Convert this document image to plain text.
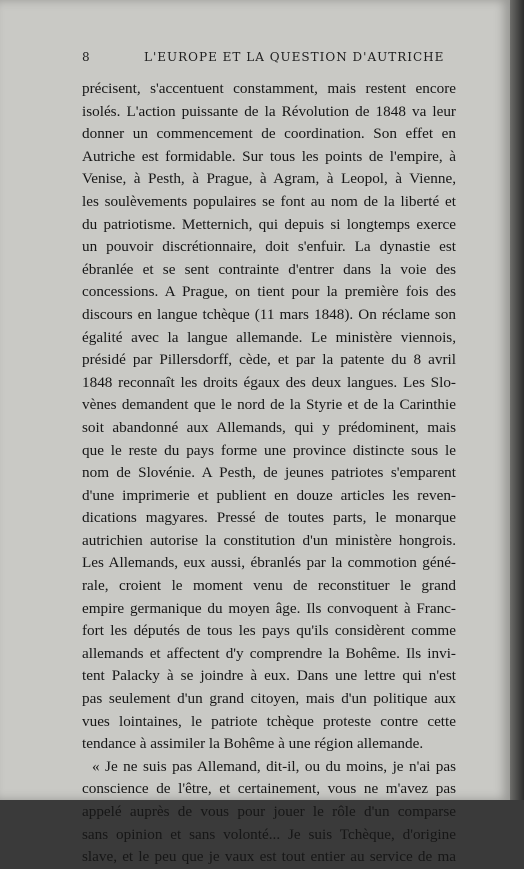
8	L'EUROPE ET LA QUESTION D'AUTRICHE
précisent, s'accentuent constamment, mais restent encore
isolés. L'action puissante de la Révolution de 1848 va leur
donner un commencement de coordination. Son effet en
Autriche est formidable. Sur tous les points de l'empire, à
Venise, à Pesth, à Prague, à Agram, à Leopol, à Vienne,
les soulèvements populaires se font au nom de la liberté et
du patriotisme. Metternich, qui depuis si longtemps exerce
un pouvoir discrétionnaire, doit s'enfuir. La dynastie est
ébranlée et se sent contrainte d'entrer dans la voie des
concessions. A Prague, on tient pour la première fois des
discours en langue tchèque (11 mars 1848). On réclame son
égalité avec la langue allemande. Le ministère viennois,
présidé par Pillersdorff, cède, et par la patente du 8 avril
1848 reconnaît les droits égaux des deux langues. Les Slo-
vènes demandent que le nord de la Styrie et de la Carinthie
soit abandonné aux Allemands, qui y prédominent, mais
que le reste du pays forme une province distincte sous le
nom de Slovénie. A Pesth, de jeunes patriotes s'emparent
d'une imprimerie et publient en douze articles les reven-
dications magyares. Pressé de toutes parts, le monarque
autrichien autorise la constitution d'un ministère hongrois.
Les Allemands, eux aussi, ébranlés par la commotion géné-
rale, croient le moment venu de reconstituer le grand
empire germanique du moyen âge. Ils convoquent à Franc-
fort les députés de tous les pays qu'ils considèrent comme
allemands et affectent d'y comprendre la Bohême. Ils invi-
tent Palacky à se joindre à eux. Dans une lettre qui n'est
pas seulement d'un grand citoyen, mais d'un politique aux
vues lointaines, le patriote tchèque proteste contre cette
tendance à assimiler la Bohême à une région allemande.
« Je ne suis pas Allemand, dit-il, ou du moins, je n'ai pas
conscience de l'être, et certainement, vous ne m'avez pas
appelé auprès de vous pour jouer le rôle d'un comparse
sans opinion et sans volonté... Je suis Tchèque, d'origine
slave, et le peu que je vaux est tout entier au service de ma
